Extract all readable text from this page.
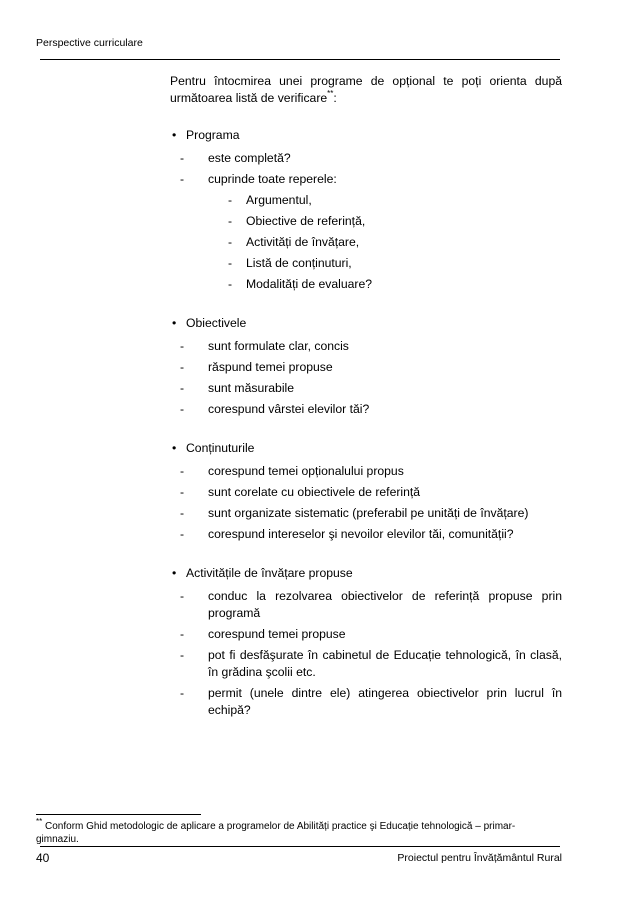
Perspective curriculare

Pentru întocmirea unei programe de opțional te poți orienta după următoarea listă de verificare**:

• Programa
- este completă?
- cuprinde toate reperele:
- Argumentul,
- Obiective de referință,
- Activități de învățare,
- Listă de conținuturi,
- Modalități de evaluare?
• Obiectivele
- sunt formulate clar, concis
- răspund temei propuse
- sunt măsurabile
- corespund vârstei elevilor tăi?
• Conținuturile
- corespund temei opționalului propus
- sunt corelate cu obiectivele de referință
- sunt organizate sistematic (preferabil pe unități de învățare)
- corespund intereselor şi nevoilor elevilor tăi, comunității?
• Activitățile de învățare propuse
- conduc la rezolvarea obiectivelor de referință propuse prin programă
- corespund temei propuse
- pot fi desfăşurate în cabinetul de Educație tehnologică, în clasă, în grădina şcolii etc.
- permit (unele dintre ele) atingerea obiectivelor prin lucrul în echipă?
** Conform Ghid metodologic de aplicare a programelor de Abilități practice şi Educație tehnologică – primar-gimnaziu.
40	Proiectul pentru Învățământul Rural
